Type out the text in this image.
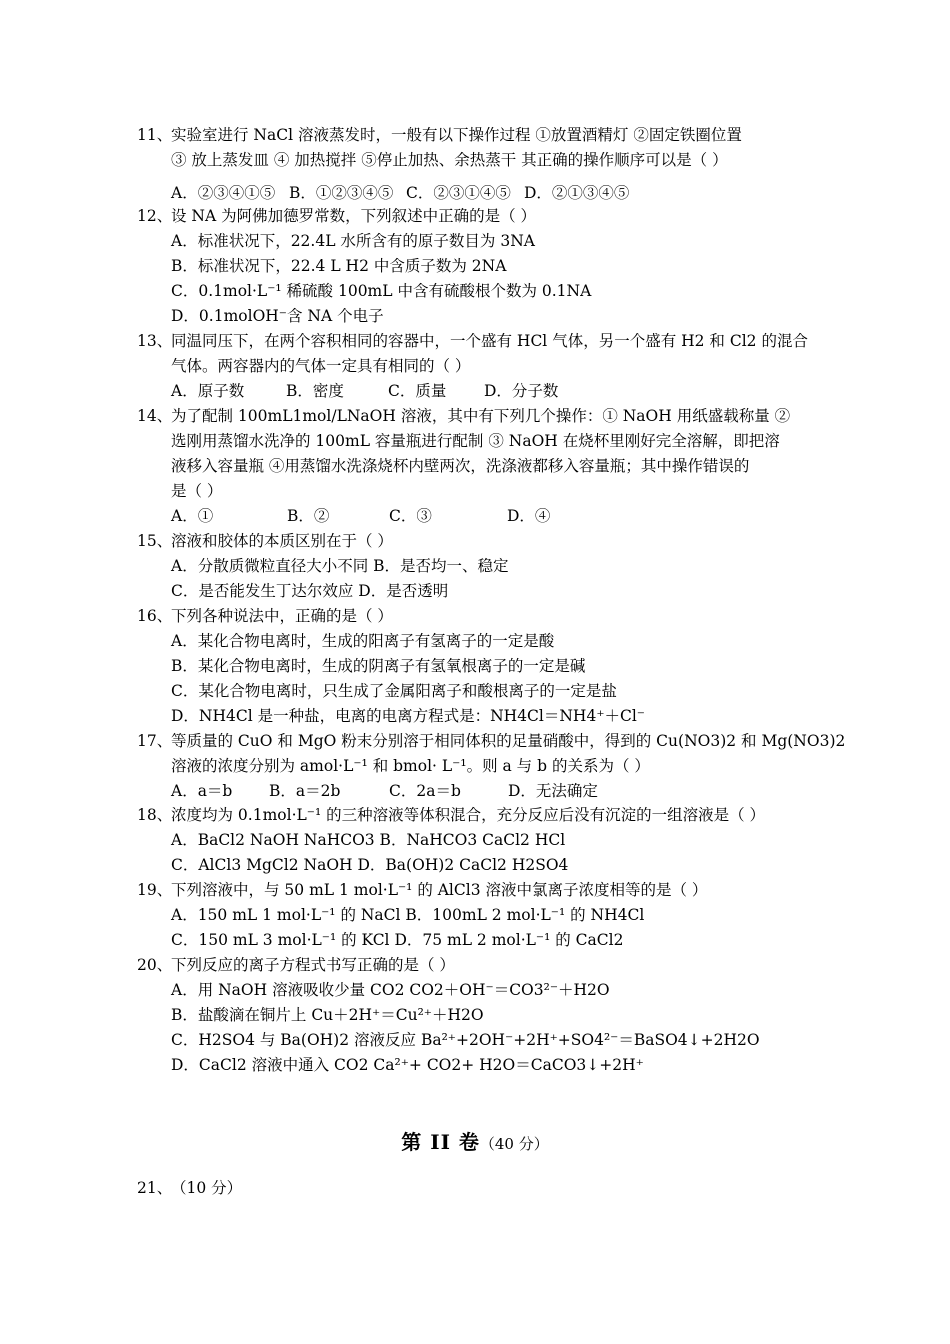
11、实验室进行 NaCl 溶液蒸发时，一般有以下操作过程 ①放置酒精灯 ②固定铁圈位置
③ 放上蒸发皿 ④ 加热搅拌 ⑤停止加热、余热蒸干 其正确的操作顺序可以是（ ）
A．②③④①⑤ B．①②③④⑤ C．②③①④⑤ D．②①③④⑤
12、设 NA 为阿佛加德罗常数，下列叙述中正确的是（ ）
A．标准状况下，22.4L 水所含有的原子数目为 3NA
B．标准状况下，22.4 L H2 中含质子数为 2NA
C．0.1mol·L⁻¹ 稀硫酸 100mL 中含有硫酸根个数为 0.1NA
D．0.1molOH⁻含 NA 个电子
13、同温同压下，在两个容积相同的容器中，一个盛有 HCl 气体，另一个盛有 H2 和 Cl2 的混合
气体。两容器内的气体一定具有相同的（ ）
A．原子数	B．密度	C．质量 D．分子数
14、为了配制 100mL1mol/LNaOH 溶液，其中有下列几个操作：① NaOH 用纸盛载称量 ②
选刚用蒸馏水洗净的 100mL 容量瓶进行配制 ③ NaOH 在烧杯里刚好完全溶解，即把溶
液移入容量瓶 ④用蒸馏水洗涤烧杯内壁两次，洗涤液都移入容量瓶；其中操作错误的
是（ ）
A．①	B．②	C．③	D．④
15、溶液和胶体的本质区别在于（ ）
A．分散质微粒直径大小不同 B．是否均一、稳定
C．是否能发生丁达尔效应 D．是否透明
16、下列各种说法中，正确的是（ ）
A．某化合物电离时，生成的阳离子有氢离子的一定是酸
B．某化合物电离时，生成的阴离子有氢氧根离子的一定是碱
C．某化合物电离时，只生成了金属阳离子和酸根离子的一定是盐
D．NH4Cl 是一种盐，电离的电离方程式是：NH4Cl＝NH4⁺＋Cl⁻
17、等质量的 CuO 和 MgO 粉末分别溶于相同体积的足量硝酸中，得到的 Cu(NO3)2 和 Mg(NO3)2
溶液的浓度分别为 amol·L⁻¹ 和 bmol· L⁻¹。则 a 与 b 的关系为（ ）
A．a＝b B．a＝2b	C．2a＝b	D．无法确定
18、浓度均为 0.1mol·L⁻¹ 的三种溶液等体积混合，充分反应后没有沉淀的一组溶液是（ ）
A．BaCl2 NaOH NaHCO3 B．NaHCO3 CaCl2 HCl
C．AlCl3 MgCl2 NaOH D．Ba(OH)2 CaCl2 H2SO4
19、下列溶液中，与 50 mL 1 mol·L⁻¹ 的 AlCl3 溶液中氯离子浓度相等的是（ ）
A．150 mL 1 mol·L⁻¹ 的 NaCl B．100mL 2 mol·L⁻¹ 的 NH4Cl
C．150 mL 3 mol·L⁻¹ 的 KCl D．75 mL 2 mol·L⁻¹ 的 CaCl2
20、下列反应的离子方程式书写正确的是（ ）
A．用 NaOH 溶液吸收少量 CO2 CO2＋OH⁻＝CO3²⁻＋H2O
B．盐酸滴在铜片上 Cu＋2H⁺＝Cu²⁺＋H2O
C．H2SO4 与 Ba(OH)2 溶液反应 Ba²⁺+2OH⁻+2H⁺+SO4²⁻＝BaSO4↓+2H2O
D．CaCl2 溶液中通入 CO2 Ca²⁺+ CO2+ H2O＝CaCO3↓+2H⁺
第 II 卷（40 分）
21、（10 分）
